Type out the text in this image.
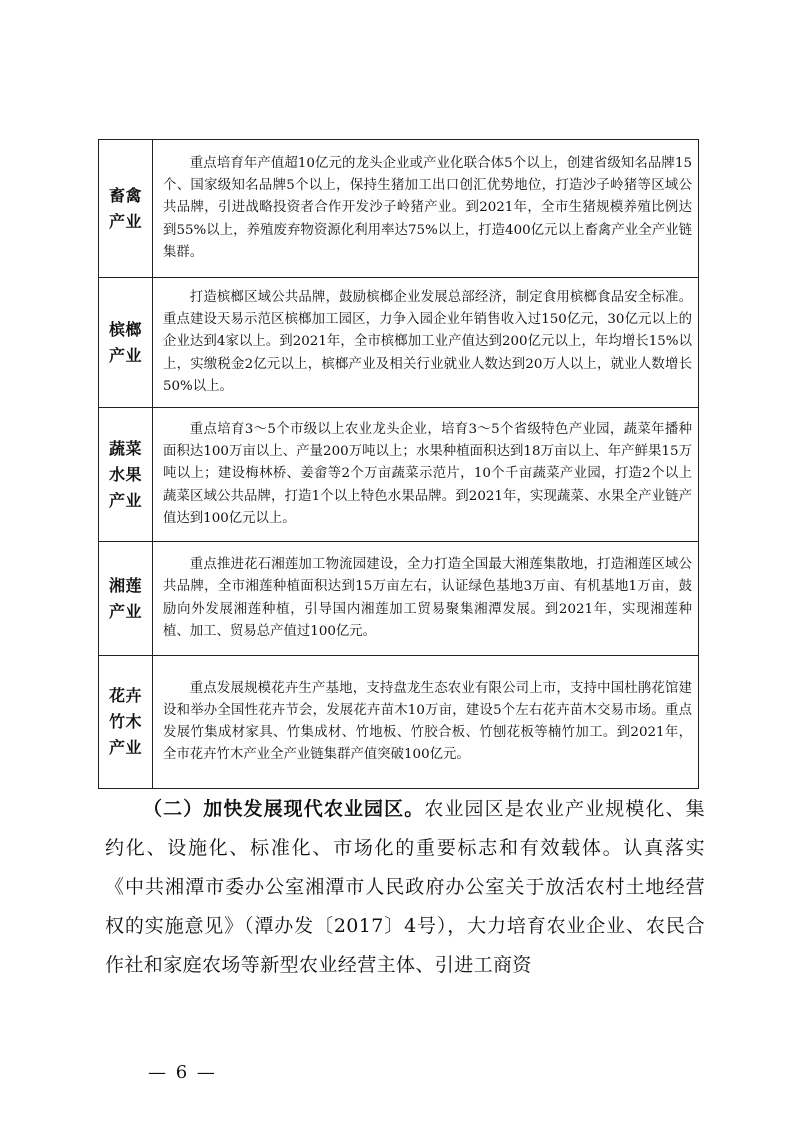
畜禽
产业	重点培育年产值超10亿元的龙头企业或产业化联合体5个以上，创建省级知名品牌15个、国家级知名品牌5个以上，保持生猪加工出口创汇优势地位，打造沙子岭猪等区域公共品牌，引进战略投资者合作开发沙子岭猪产业。到2021年，全市生猪规模养殖比例达到55%以上，养殖废弃物资源化利用率达75%以上，打造400亿元以上畜禽产业全产业链集群。

槟榔
产业	打造槟榔区域公共品牌，鼓励槟榔企业发展总部经济，制定食用槟榔食品安全标准。重点建设天易示范区槟榔加工园区，力争入园企业年销售收入过150亿元，30亿元以上的企业达到4家以上。到2021年，全市槟榔加工业产值达到200亿元以上，年均增长15%以上，实缴税金2亿元以上，槟榔产业及相关行业就业人数达到20万人以上，就业人数增长50%以上。

蔬菜
水果
产业	重点培育3～5个市级以上农业龙头企业，培育3～5个省级特色产业园，蔬菜年播种面积达100万亩以上、产量200万吨以上；水果种植面积达到18万亩以上、年产鲜果15万吨以上；建设梅林桥、姜畲等2个万亩蔬菜示范片，10个千亩蔬菜产业园，打造2个以上蔬菜区域公共品牌，打造1个以上特色水果品牌。到2021年，实现蔬菜、水果全产业链产值达到100亿元以上。

湘莲
产业	重点推进花石湘莲加工物流园建设，全力打造全国最大湘莲集散地，打造湘莲区域公共品牌，全市湘莲种植面积达到15万亩左右，认证绿色基地3万亩、有机基地1万亩，鼓励向外发展湘莲种植，引导国内湘莲加工贸易聚集湘潭发展。到2021年，实现湘莲种植、加工、贸易总产值过100亿元。

花卉
竹木
产业	重点发展规模花卉生产基地，支持盘龙生态农业有限公司上市，支持中国杜鹃花馆建设和举办全国性花卉节会，发展花卉苗木10万亩，建设5个左右花卉苗木交易市场。重点发展竹集成材家具、竹集成材、竹地板、竹胶合板、竹刨花板等楠竹加工。到2021年，全市花卉竹木产业全产业链集群产值突破100亿元。
（二）加快发展现代农业园区。农业园区是农业产业规模化、集约化、设施化、标准化、市场化的重要标志和有效载体。认真落实《中共湘潭市委办公室湘潭市人民政府办公室关于放活农村土地经营权的实施意见》（潭办发〔2017〕4号），大力培育农业企业、农民合作社和家庭农场等新型农业经营主体、引进工商资
— 6 —
